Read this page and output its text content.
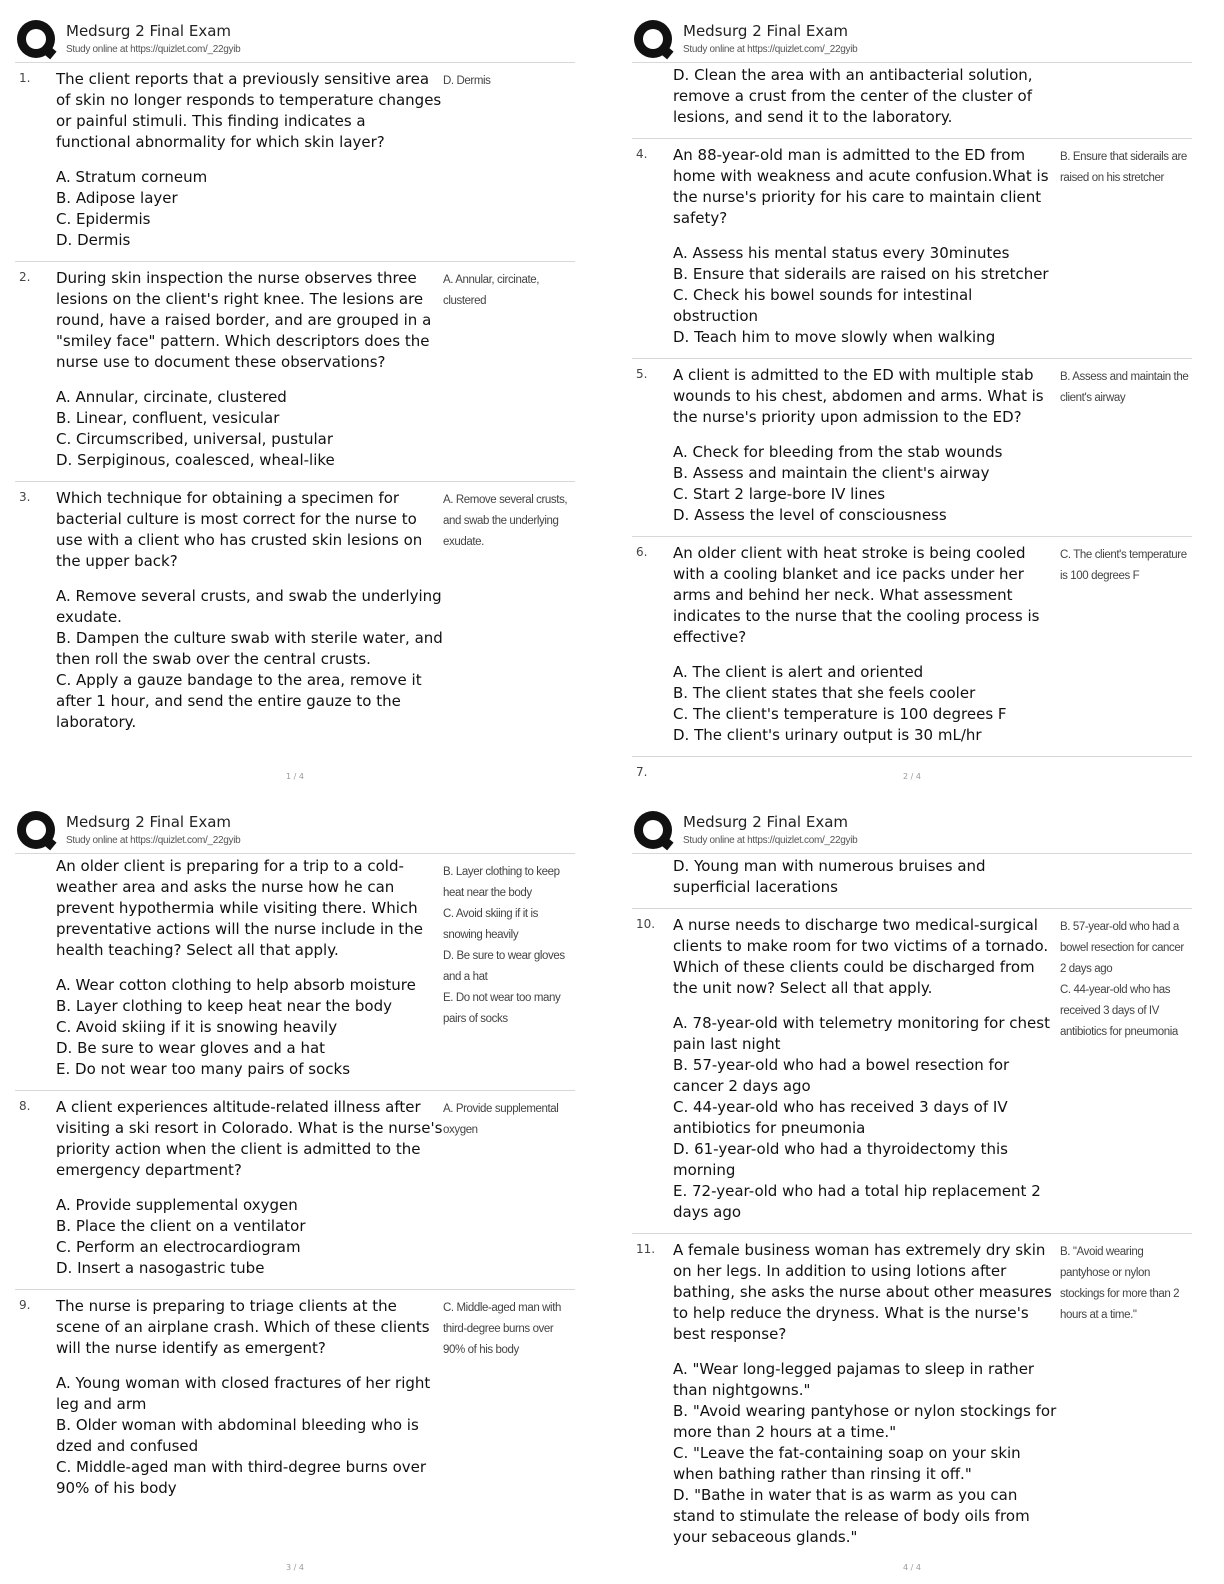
Medsurg 2 Final Exam
Study online at https://quizlet.com/_22gyib
1. The client reports that a previously sensitive area of skin no longer responds to temperature changes or painful stimuli. This finding indicates a functional abnormality for which skin layer?
A. Stratum corneum
B. Adipose layer
C. Epidermis
D. Dermis
D. Dermis
2. During skin inspection the nurse observes three lesions on the client's right knee. The lesions are round, have a raised border, and are grouped in a "smiley face" pattern. Which descriptors does the nurse use to document these observations?
A. Annular, circinate, clustered
B. Linear, confluent, vesicular
C. Circumscribed, universal, pustular
D. Serpiginous, coalesced, wheal-like
A. Annular, circinate, clustered
3. Which technique for obtaining a specimen for bacterial culture is most correct for the nurse to use with a client who has crusted skin lesions on the upper back?
A. Remove several crusts, and swab the underlying exudate.
B. Dampen the culture swab with sterile water, and then roll the swab over the central crusts.
C. Apply a gauze bandage to the area, remove it after 1 hour, and send the entire gauze to the laboratory.
A. Remove several crusts, and swab the underlying exudate.
1 / 4
Medsurg 2 Final Exam
Study online at https://quizlet.com/_22gyib
D. Clean the area with an antibacterial solution, remove a crust from the center of the cluster of lesions, and send it to the laboratory.
4. An 88-year-old man is admitted to the ED from home with weakness and acute confusion.What is the nurse's priority for his care to maintain client safety?
A. Assess his mental status every 30minutes
B. Ensure that siderails are raised on his stretcher
C. Check his bowel sounds for intestinal obstruction
D. Teach him to move slowly when walking
B. Ensure that siderails are raised on his stretcher
5. A client is admitted to the ED with multiple stab wounds to his chest, abdomen and arms. What is the nurse's priority upon admission to the ED?
A. Check for bleeding from the stab wounds
B. Assess and maintain the client's airway
C. Start 2 large-bore IV lines
D. Assess the level of consciousness
B. Assess and maintain the client's airway
6. An older client with heat stroke is being cooled with a cooling blanket and ice packs under her arms and behind her neck. What assessment indicates to the nurse that the cooling process is effective?
A. The client is alert and oriented
B. The client states that she feels cooler
C. The client's temperature is 100 degrees F
D. The client's urinary output is 30 mL/hr
C. The client's temperature is 100 degrees F
7.	2 / 4
Medsurg 2 Final Exam
Study online at https://quizlet.com/_22gyib
An older client is preparing for a trip to a cold-weather area and asks the nurse how he can prevent hypothermia while visiting there. Which preventative actions will the nurse include in the health teaching? Select all that apply.
A. Wear cotton clothing to help absorb moisture
B. Layer clothing to keep heat near the body
C. Avoid skiing if it is snowing heavily
D. Be sure to wear gloves and a hat
E. Do not wear too many pairs of socks
B. Layer clothing to keep heat near the body
C. Avoid skiing if it is snowing heavily
D. Be sure to wear gloves and a hat
E. Do not wear too many pairs of socks
8. A client experiences altitude-related illness after visiting a ski resort in Colorado. What is the nurse's priority action when the client is admitted to the emergency department?
A. Provide supplemental oxygen
B. Place the client on a ventilator
C. Perform an electrocardiogram
D. Insert a nasogastric tube
A. Provide supplemental oxygen
9. The nurse is preparing to triage clients at the scene of an airplane crash. Which of these clients will the nurse identify as emergent?
A. Young woman with closed fractures of her right leg and arm
B. Older woman with abdominal bleeding who is dzed and confused
C. Middle-aged man with third-degree burns over 90% of his body
C. Middle-aged man with third-degree burns over 90% of his body
3 / 4
Medsurg 2 Final Exam
Study online at https://quizlet.com/_22gyib
D. Young man with numerous bruises and superficial lacerations
10. A nurse needs to discharge two medical-surgical clients to make room for two victims of a tornado. Which of these clients could be discharged from the unit now? Select all that apply.
A. 78-year-old with telemetry monitoring for chest pain last night
B. 57-year-old who had a bowel resection for cancer 2 days ago
C. 44-year-old who has received 3 days of IV antibiotics for pneumonia
D. 61-year-old who had a thyroidectomy this morning
E. 72-year-old who had a total hip replacement 2 days ago
B. 57-year-old who had a bowel resection for cancer 2 days ago
C. 44-year-old who has received 3 days of IV antibiotics for pneumonia
11. A female business woman has extremely dry skin on her legs. In addition to using lotions after bathing, she asks the nurse about other measures to help reduce the dryness. What is the nurse's best response?
A. "Wear long-legged pajamas to sleep in rather than nightgowns."
B. "Avoid wearing pantyhose or nylon stockings for more than 2 hours at a time."
C. "Leave the fat-containing soap on your skin when bathing rather than rinsing it off."
D. "Bathe in water that is as warm as you can stand to stimulate the release of body oils from your sebaceous glands."
B. "Avoid wearing pantyhose or nylon stockings for more than 2 hours at a time."
4 / 4
